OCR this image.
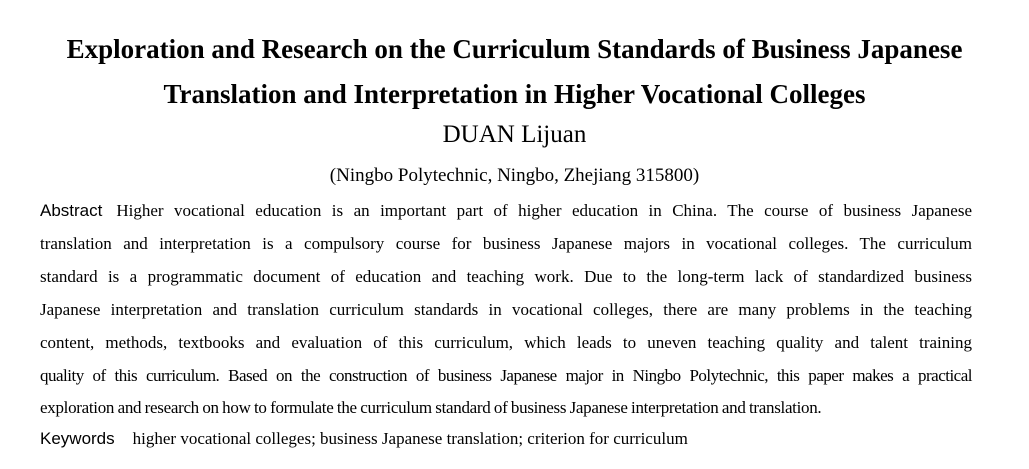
Exploration and Research on the Curriculum Standards of Business Japanese
Translation and Interpretation in Higher Vocational Colleges
DUAN Lijuan
(Ningbo Polytechnic, Ningbo, Zhejiang 315800)
Abstract Higher vocational education is an important part of higher education in China. The course of business Japanese
translation and interpretation is a compulsory course for business Japanese majors in vocational colleges. The curriculum
standard is a programmatic document of education and teaching work. Due to the long-term lack of standardized business
Japanese interpretation and translation curriculum standards in vocational colleges, there are many problems in the teaching
content, methods, textbooks and evaluation of this curriculum, which leads to uneven teaching quality and talent training
quality of this curriculum. Based on the construction of business Japanese major in Ningbo Polytechnic, this paper makes a practical
exploration and research on how to formulate the curriculum standard of business Japanese interpretation and translation.
Keywords higher vocational colleges; business Japanese translation; criterion for curriculum
